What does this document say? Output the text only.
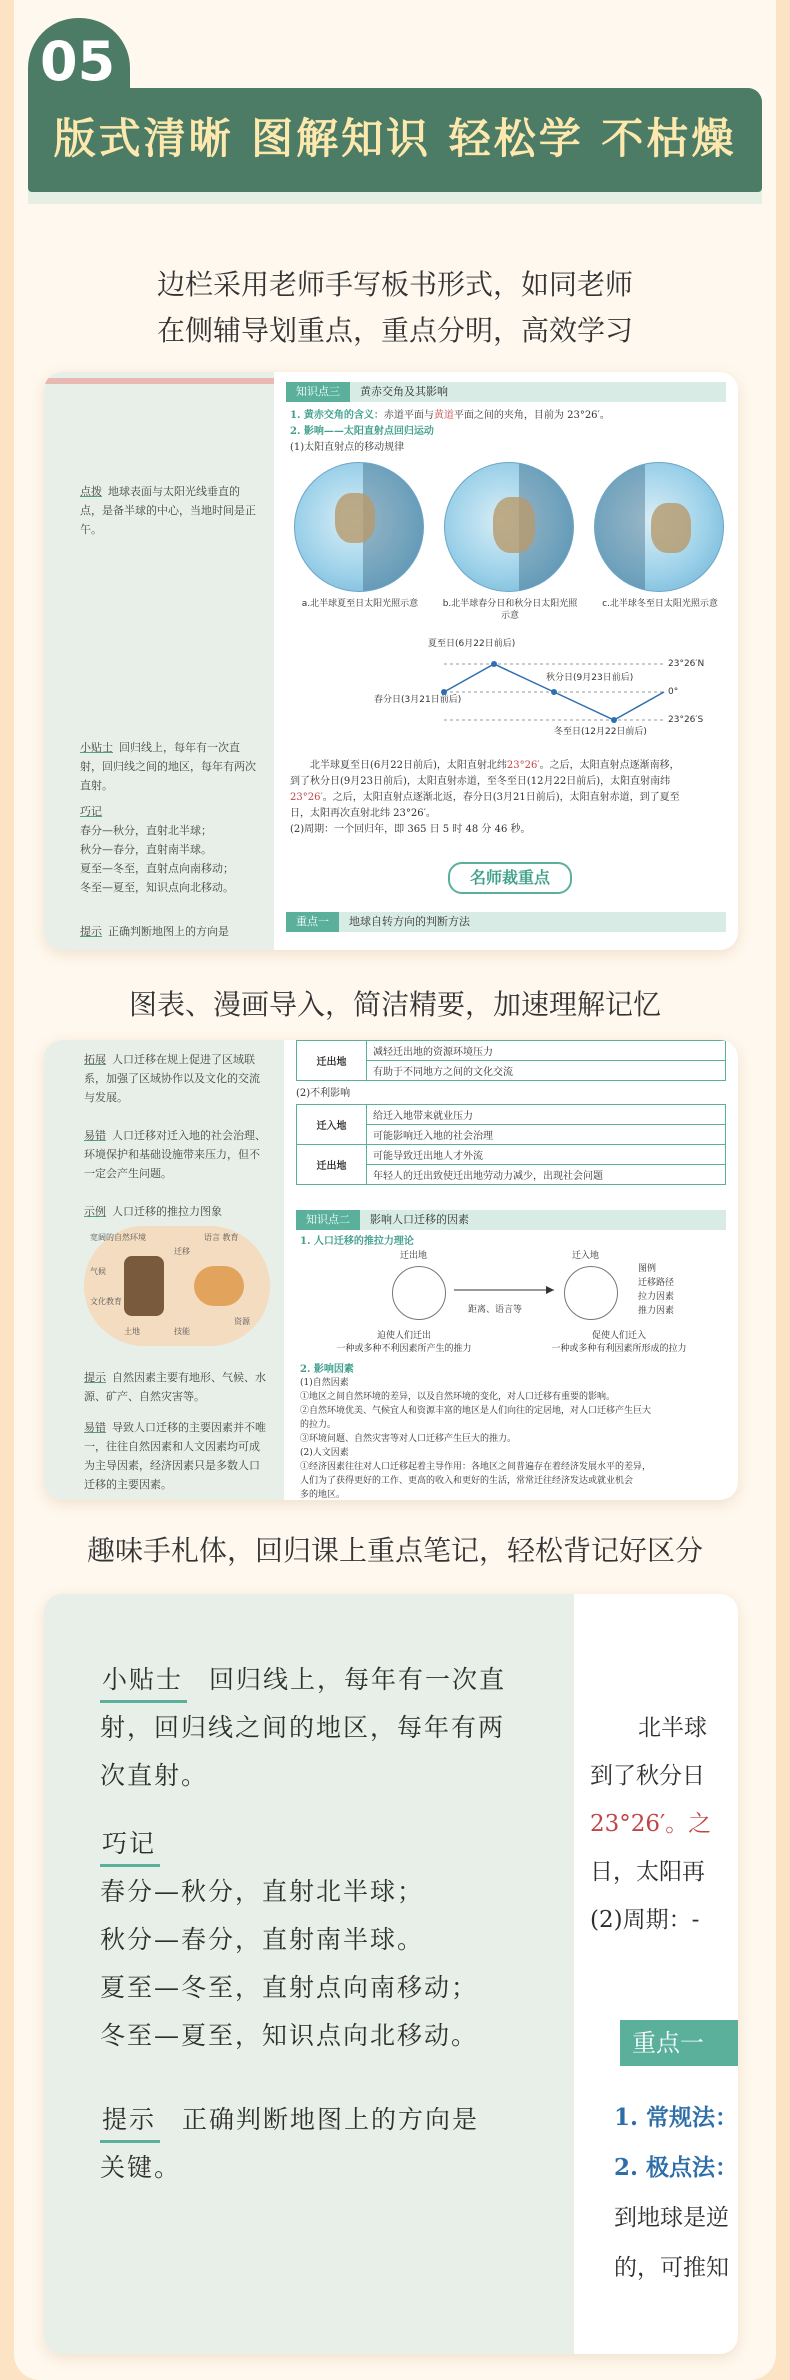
05
版式清晰 图解知识 轻松学 不枯燥
边栏采用老师手写板书形式，如同老师
在侧辅导划重点，重点分明，高效学习
点拨 地球表面与太阳光线垂直的点，是备半球的中心，当地时间是正午。
小贴士 回归线上，每年有一次直射，回归线之间的地区，每年有两次直射。
巧记
春分—秋分，直射北半球；
秋分—春分，直射南半球。
夏至—冬至，直射点向南移动；
冬至—夏至，知识点向北移动。
提示 正确判断地图上的方向是
知识点三 黄赤交角及其影响
1. 黄赤交角的含义：赤道平面与黄道平面之间的夹角，目前为 23°26′。
2. 影响——太阳直射点回归运动
(1)太阳直射点的移动规律
a.北半球夏至日太阳光照示意	b.北半球春分日和秋分日太阳光照示意
c.北半球冬至日太阳光照示意
夏至日(6月22日前后)
秋分日(9月23日前后)
春分日(3月21日前后)
冬至日(12月22日前后)
23°26′N
0°
23°26′S
北半球夏至日(6月22日前后)，太阳直射北纬23°26′。之后，太阳直射点逐渐南移，
到了秋分日(9月23日前后)，太阳直射赤道，至冬至日(12月22日前后)，太阳直射南纬
23°26′。之后，太阳直射点逐渐北返，春分日(3月21日前后)，太阳直射赤道，到了夏至
日，太阳再次直射北纬 23°26′。
(2)周期：一个回归年，即 365 日 5 时 48 分 46 秒。
名师裁重点
重点一 地球自转方向的判断方法
图表、漫画导入，简洁精要，加速理解记忆
拓展 人口迁移在规上促进了区域联系，加强了区域协作以及文化的交流与发展。
易错 人口迁移对迁入地的社会治理、环境保护和基础设施带来压力，但不一定会产生问题。
示例 人口迁移的推拉力图象
宽阔的自然环境	语言 教育
气候
迁移
文化教育
资源
土地	技能
提示 自然因素主要有地形、气候、水源、矿产、自然灾害等。
易错 导致人口迁移的主要因素并不唯一，往往自然因素和人文因素均可成为主导因素，经济因素只是多数人口迁移的主要因素。
迁出地	减轻迁出地的资源环境压力
有助于不同地方之间的文化交流
(2)不利影响
迁入地	给迁入地带来就业压力
	可能影响迁入地的社会治理
迁出地	可能导致迁出地人才外流
	年轻人的迁出致使迁出地劳动力减少，出现社会问题
知识点二 影响人口迁移的因素
1. 人口迁移的推拉力理论
迁出地	迁入地
距离、语言等
图例
迁移路径
拉力因素
推力因素
迫使人们迁出
一种或多种不利因素所产生的推力
促使人们迁入
一种或多种有利因素所形成的拉力
2. 影响因素
(1)自然因素
①地区之间自然环境的差异，以及自然环境的变化，对人口迁移有重要的影响。
②自然环境优美、气候宜人和资源丰富的地区是人们向往的定居地，对人口迁移产生巨大
的拉力。
③环境问题、自然灾害等对人口迁移产生巨大的推力。
(2)人文因素
①经济因素往往对人口迁移起着主导作用：各地区之间普遍存在着经济发展水平的差异，
人们为了获得更好的工作、更高的收入和更好的生活，常常迁往经济发达或就业机会
多的地区。
趣味手札体，回归课上重点笔记，轻松背记好区分
小贴士 回归线上，每年有一次直
射，回归线之间的地区，每年有两
次直射。
巧记
春分—秋分，直射北半球；
秋分—春分，直射南半球。
夏至—冬至，直射点向南移动；
冬至—夏至，知识点向北移动。
提示 正确判断地图上的方向是
关键。
北半球
到了秋分日
23°26′。之
日，太阳再
(2)周期：-
重点一
1. 常规法：
2. 极点法：
到地球是逆
的，可推知
